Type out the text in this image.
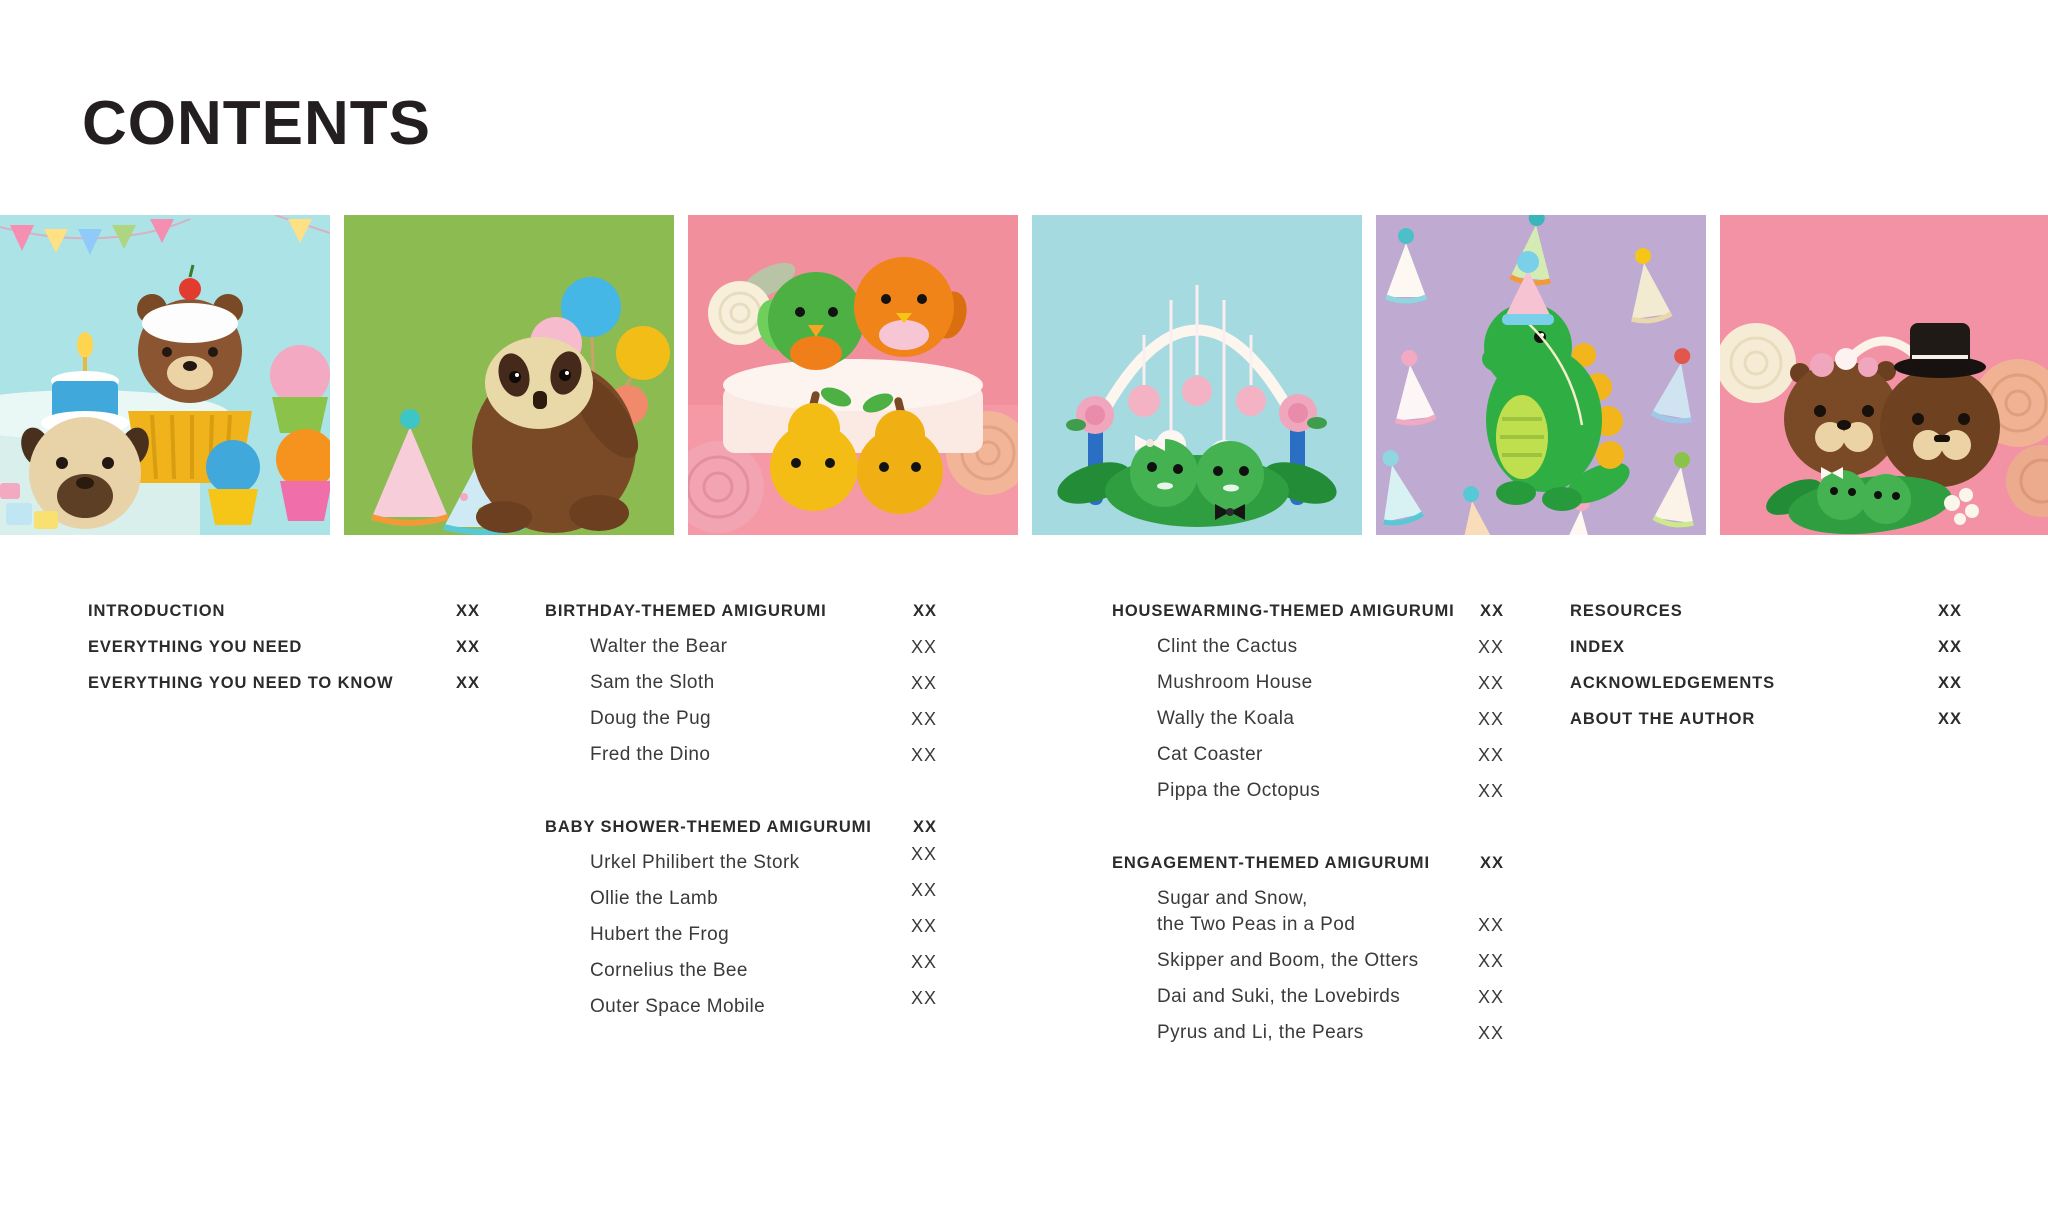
CONTENTS
INTRODUCTION	XX
EVERYTHING YOU NEED	XX
EVERYTHING YOU NEED TO KNOW	XX
BIRTHDAY-THEMED AMIGURUMI	XX
Walter the Bear	XX
Sam the Sloth	XX
Doug the Pug	XX
Fred the Dino	XX
BABY SHOWER-THEMED AMIGURUMI XX
Urkel Philibert the Stork	XX
Ollie the Lamb	XX
Hubert the Frog	XX
Cornelius the Bee	XX
Outer Space Mobile	XX
HOUSEWARMING-THEMED AMIGURUMI XX
Clint the Cactus	XX
Mushroom House	XX
Wally the Koala	XX
Cat Coaster	XX
Pippa the Octopus	XX
ENGAGEMENT-THEMED AMIGURUMI	XX
Sugar and Snow,
the Two Peas in a Pod	XX
Skipper and Boom, the Otters	XX
Dai and Suki, the Lovebirds	XX
Pyrus and Li, the Pears	XX
RESOURCES	XX
INDEX	XX
ACKNOWLEDGEMENTS	XX
ABOUT THE AUTHOR	XX
